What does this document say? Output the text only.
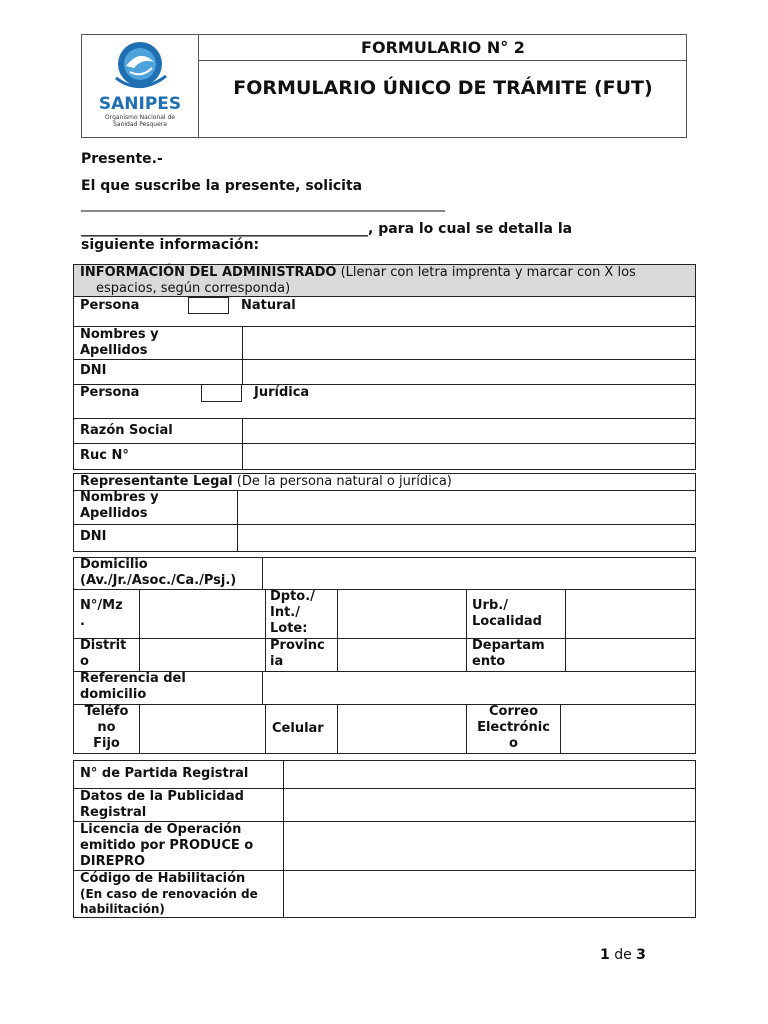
SANIPES
Organismo Nacional de
Sanidad Pesquera
FORMULARIO N° 2
FORMULARIO ÚNICO DE TRÁMITE (FUT)
Presente.-
El que suscribe la presente, solicita
____________________________________________________
_________________________________________, para lo cual se detalla la
siguiente información:
INFORMACIÓN DEL ADMINISTRADO (Llenar con letra imprenta y marcar con X los
espacios, según corresponda)
Persona	Natural
Nombres y
Apellidos
DNI
Persona	Jurídica
Razón Social
Ruc N°
Representante Legal (De la persona natural o jurídica)
Nombres y
Apellidos
DNI
Domicilio
(Av./Jr./Asoc./Ca./Psj.)
N°/Mz
.
Dpto./
Int./
Lote:
Urb./
Localidad
Distrit
o
Provinc
ia
Departam
ento
Referencia del
domicilio
Teléfo
no
Fijo
Celular
Correo
Electrónic
o
N° de Partida Registral
Datos de la Publicidad
Registral
Licencia de Operación
emitido por PRODUCE o
DIREPRO
Código de Habilitación
(En caso de renovación de
habilitación)
1 de 3
